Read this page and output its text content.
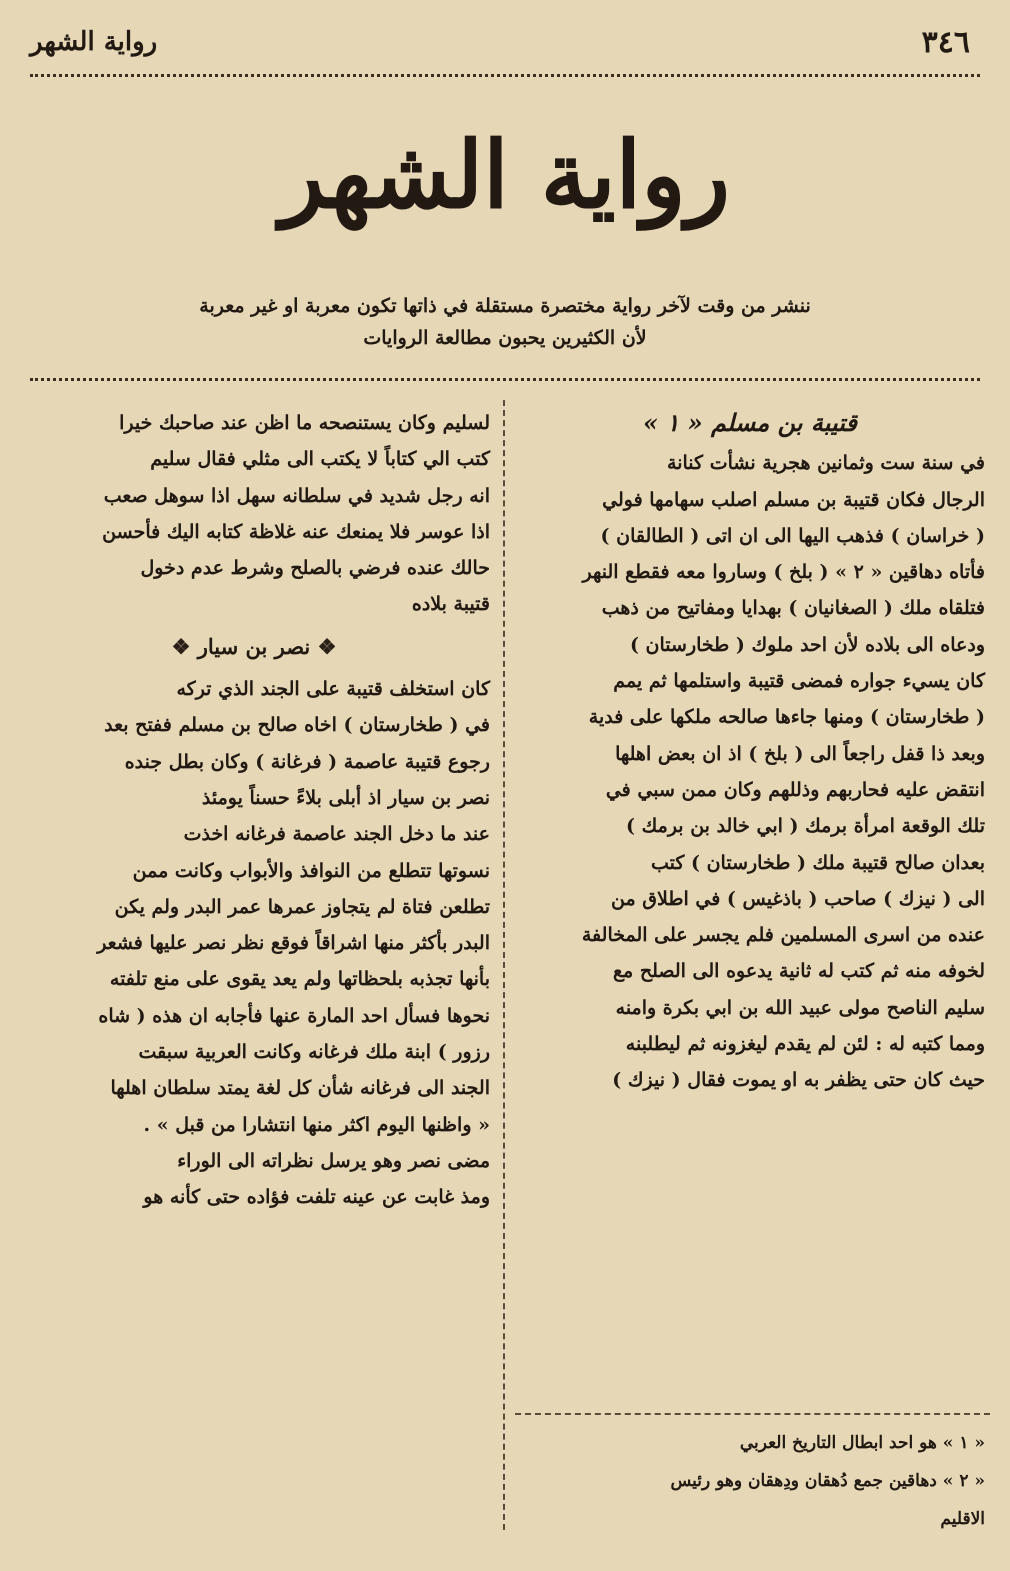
٣٤٦
رواية الشهر
رواية الشهر
ننشر من وقت لآخر رواية مختصرة مستقلة في ذاتها تكون معربة او غير معربة
لأن الكثيرين يحبون مطالعة الروايات
قتيبة بن مسلم « ١ »

في سنة ست وثمانين هجرية نشأت كنانة

الرجال فكان قتيبة بن مسلم اصلب سهامها فولي

( خراسان ) فذهب اليها الى ان اتى ( الطالقان )

فأتاه دهاقين « ٢ » ( بلخ ) وساروا معه فقطع النهر

فتلقاه ملك ( الصغانيان ) بهدايا ومفاتيح من ذهب

ودعاه الى بلاده لأن احد ملوك ( طخارستان )

كان يسيء جواره فمضى قتيبة واستلمها ثم يمم

( طخارستان ) ومنها جاءها صالحه ملكها على فدية

وبعد ذا قفل راجعاً الى ( بلخ ) اذ ان بعض اهلها

انتقض عليه فحاربهم وذللهم وكان ممن سبي في

تلك الوقعة امرأة برمك ( ابي خالد بن برمك )

بعدان صالح قتيبة ملك ( طخارستان ) كتب

الى ( نيزك ) صاحب ( باذغيس ) في اطلاق من

عنده من اسرى المسلمين فلم يجسر على المخالفة

لخوفه منه ثم كتب له ثانية يدعوه الى الصلح مع

سليم الناصح مولى عبيد الله بن ابي بكرة وامنه

ومما كتبه له : لئن لم يقدم ليغزونه ثم ليطلبنه

حيث كان حتى يظفر به او يموت فقال ( نيزك )

« ١ » هو احد ابطال التاريخ العربي

« ٢ » دهاقين جمع دُهقان ودِهقان وهو رئيس

الاقليم

لسليم وكان يستنصحه ما اظن عند صاحبك خيرا

كتب الي كتاباً لا يكتب الى مثلي فقال سليم

انه رجل شديد في سلطانه سهل اذا سوهل صعب

اذا عوسر فلا يمنعك عنه غلاظة كتابه اليك فأحسن

حالك عنده فرضي بالصلح وشرط عدم دخول

قتيبة بلاده

❖ نصر بن سيار ❖

كان استخلف قتيبة على الجند الذي تركه

في ( طخارستان ) اخاه صالح بن مسلم ففتح بعد

رجوع قتيبة عاصمة ( فرغانة ) وكان بطل جنده

نصر بن سيار اذ أبلى بلاءً حسناً يومئذ

عند ما دخل الجند عاصمة فرغانه اخذت

نسوتها تتطلع من النوافذ والأبواب وكانت ممن

تطلعن فتاة لم يتجاوز عمرها عمر البدر ولم يكن

البدر بأكثر منها اشراقاً فوقع نظر نصر عليها فشعر

بأنها تجذبه بلحظاتها ولم يعد يقوى على منع تلفته

نحوها فسأل احد المارة عنها فأجابه ان هذه ( شاه

رزور ) ابنة ملك فرغانه وكانت العربية سبقت

الجند الى فرغانه شأن كل لغة يمتد سلطان اهلها

« واظنها اليوم اكثر منها انتشارا من قبل » .

مضى نصر وهو يرسل نظراته الى الوراء

ومذ غابت عن عينه تلفت فؤاده حتى كأنه هو
